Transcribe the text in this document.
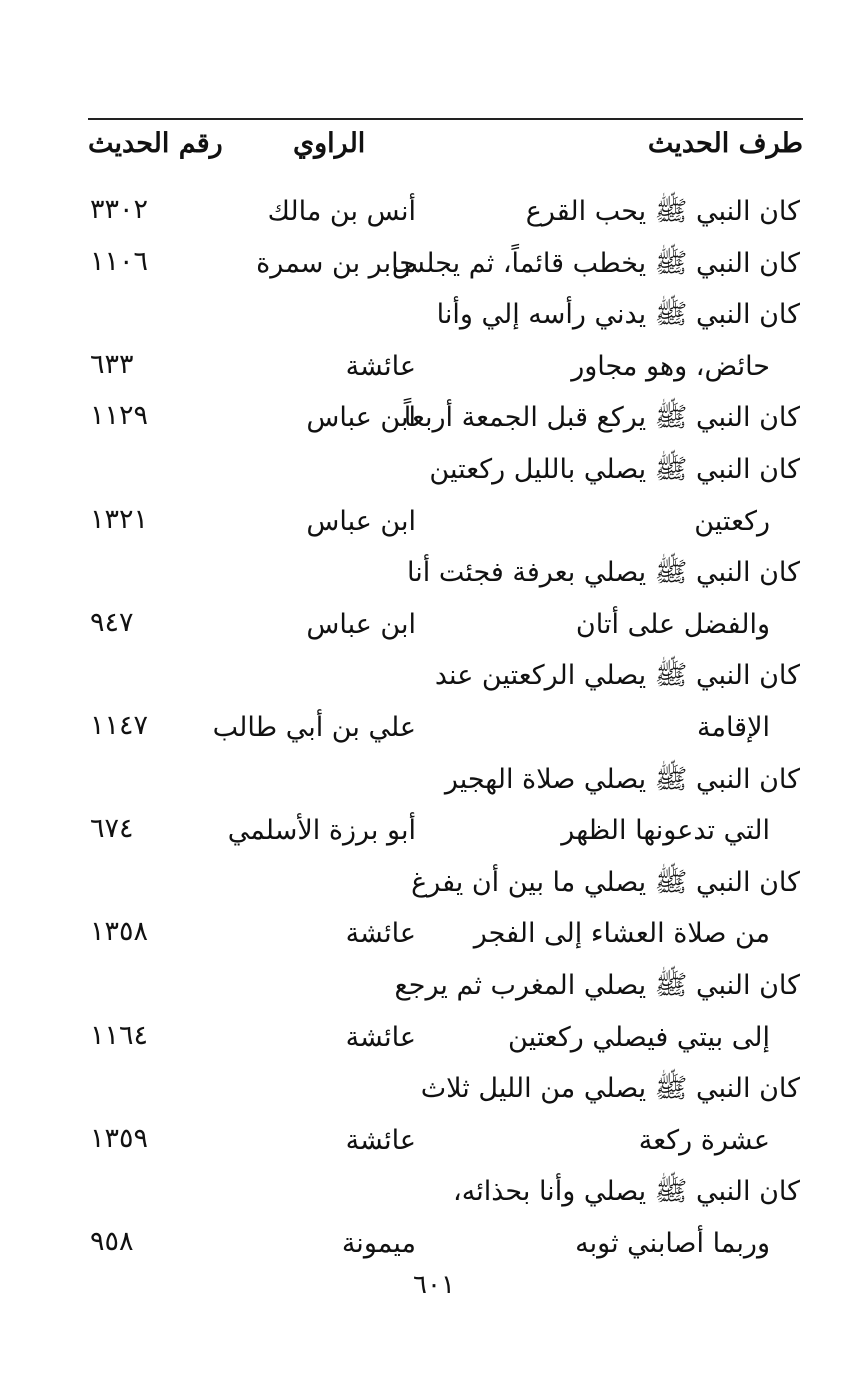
طرف الحديث
الراوي
رقم الحديث
كان النبي ﷺ يحب القرع
أنس بن مالك
٣٣٠٢
كان النبي ﷺ يخطب قائماً، ثم يجلس
جابر بن سمرة
١١٠٦
كان النبي ﷺ يدني رأسه إلي وأنا
حائض، وهو مجاور
عائشة
٦٣٣
كان النبي ﷺ يركع قبل الجمعة أربعاً
ابن عباس
١١٢٩
كان النبي ﷺ يصلي بالليل ركعتين
ركعتين
ابن عباس
١٣٢١
كان النبي ﷺ يصلي بعرفة فجئت أنا
والفضل على أتان
ابن عباس
٩٤٧
كان النبي ﷺ يصلي الركعتين عند
الإقامة
علي بن أبي طالب
١١٤٧
كان النبي ﷺ يصلي صلاة الهجير
التي تدعونها الظهر
أبو برزة الأسلمي
٦٧٤
كان النبي ﷺ يصلي ما بين أن يفرغ
من صلاة العشاء إلى الفجر
عائشة
١٣٥٨
كان النبي ﷺ يصلي المغرب ثم يرجع
إلى بيتي فيصلي ركعتين
عائشة
١١٦٤
كان النبي ﷺ يصلي من الليل ثلاث
عشرة ركعة
عائشة
١٣٥٩
كان النبي ﷺ يصلي وأنا بحذائه،
وربما أصابني ثوبه
ميمونة
٩٥٨
٦٠١
